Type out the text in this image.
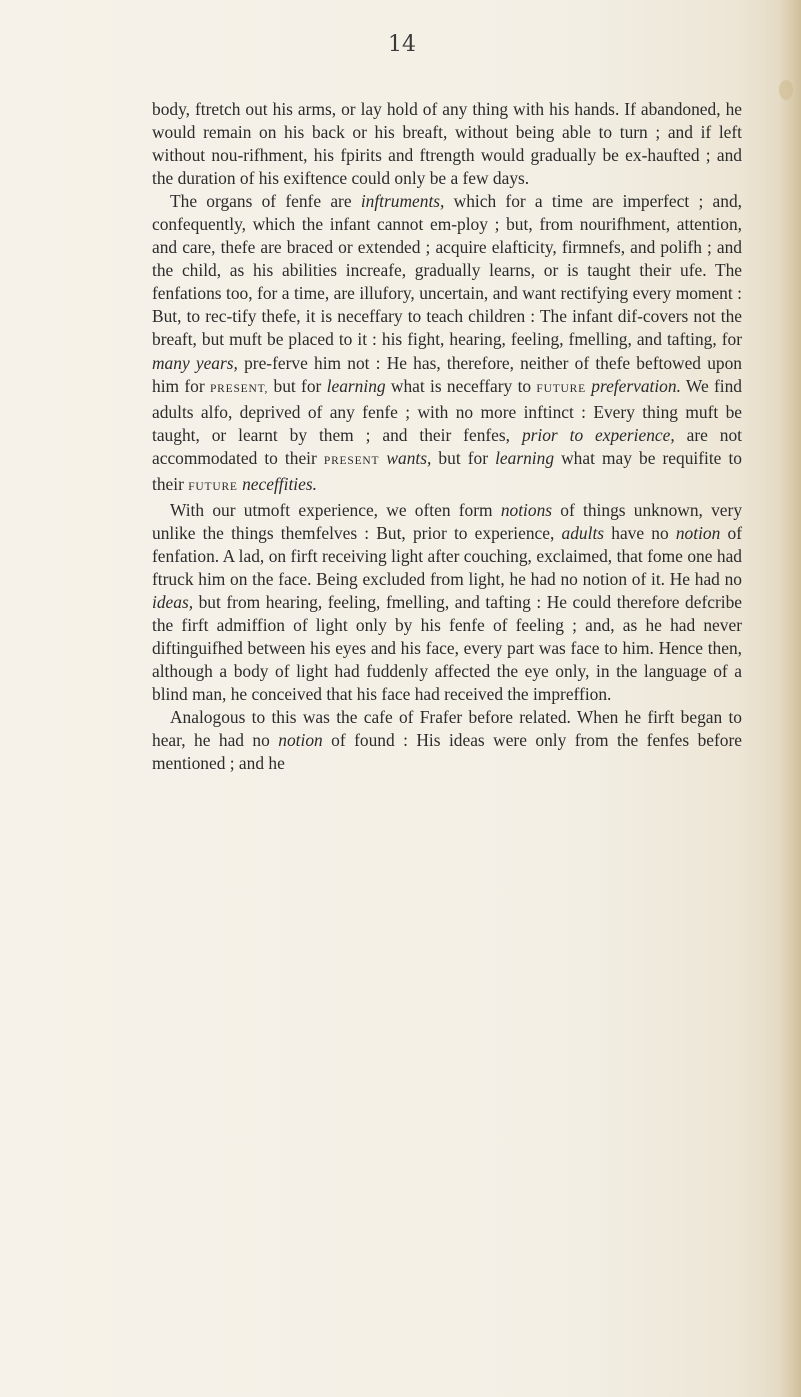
14

body, ftretch out his arms, or lay hold of any thing with his hands. If abandoned, he would remain on his back or his breaft, without being able to turn ; and if left without nou-rifhment, his fpirits and ftrength would gradually be ex-haufted ; and the duration of his exiftence could only be a few days.

The organs of fenfe are inftruments, which for a time are imperfect ; and, confequently, which the infant cannot em-ploy ; but, from nourifhment, attention, and care, thefe are braced or extended ; acquire elafticity, firmnefs, and polifh ; and the child, as his abilities increafe, gradually learns, or is taught their ufe. The fenfations too, for a time, are illufory, uncertain, and want rectifying every moment : But, to rec-tify thefe, it is neceffary to teach children : The infant dif-covers not the breaft, but muft be placed to it : his fight, hearing, feeling, fmelling, and tafting, for many years, pre-ferve him not : He has, therefore, neither of thefe beftowed upon him for PRESENT, but for learning what is neceffary to FUTURE prefervation. We find adults alfo, deprived of any fenfe ; with no more inftinct : Every thing muft be taught, or learnt by them ; and their fenfes, prior to experience, are not accommodated to their PRESENT wants, but for learning what may be requifite to their FUTURE neceffities.

With our utmoft experience, we often form notions of things unknown, very unlike the things themfelves : But, prior to experience, adults have no notion of fenfation. A lad, on firft receiving light after couching, exclaimed, that fome one had ftruck him on the face. Being excluded from light, he had no notion of it. He had no ideas, but from hearing, feeling, fmelling, and tafting : He could therefore defcribe the firft admiffion of light only by his fenfe of feeling ; and, as he had never diftinguifhed between his eyes and his face, every part was face to him. Hence then, although a body of light had fuddenly affected the eye only, in the language of a blind man, he conceived that his face had received the impreffion.

Analogous to this was the cafe of Frafer before related. When he firft began to hear, he had no notion of found : His ideas were only from the fenfes before mentioned ; and he
